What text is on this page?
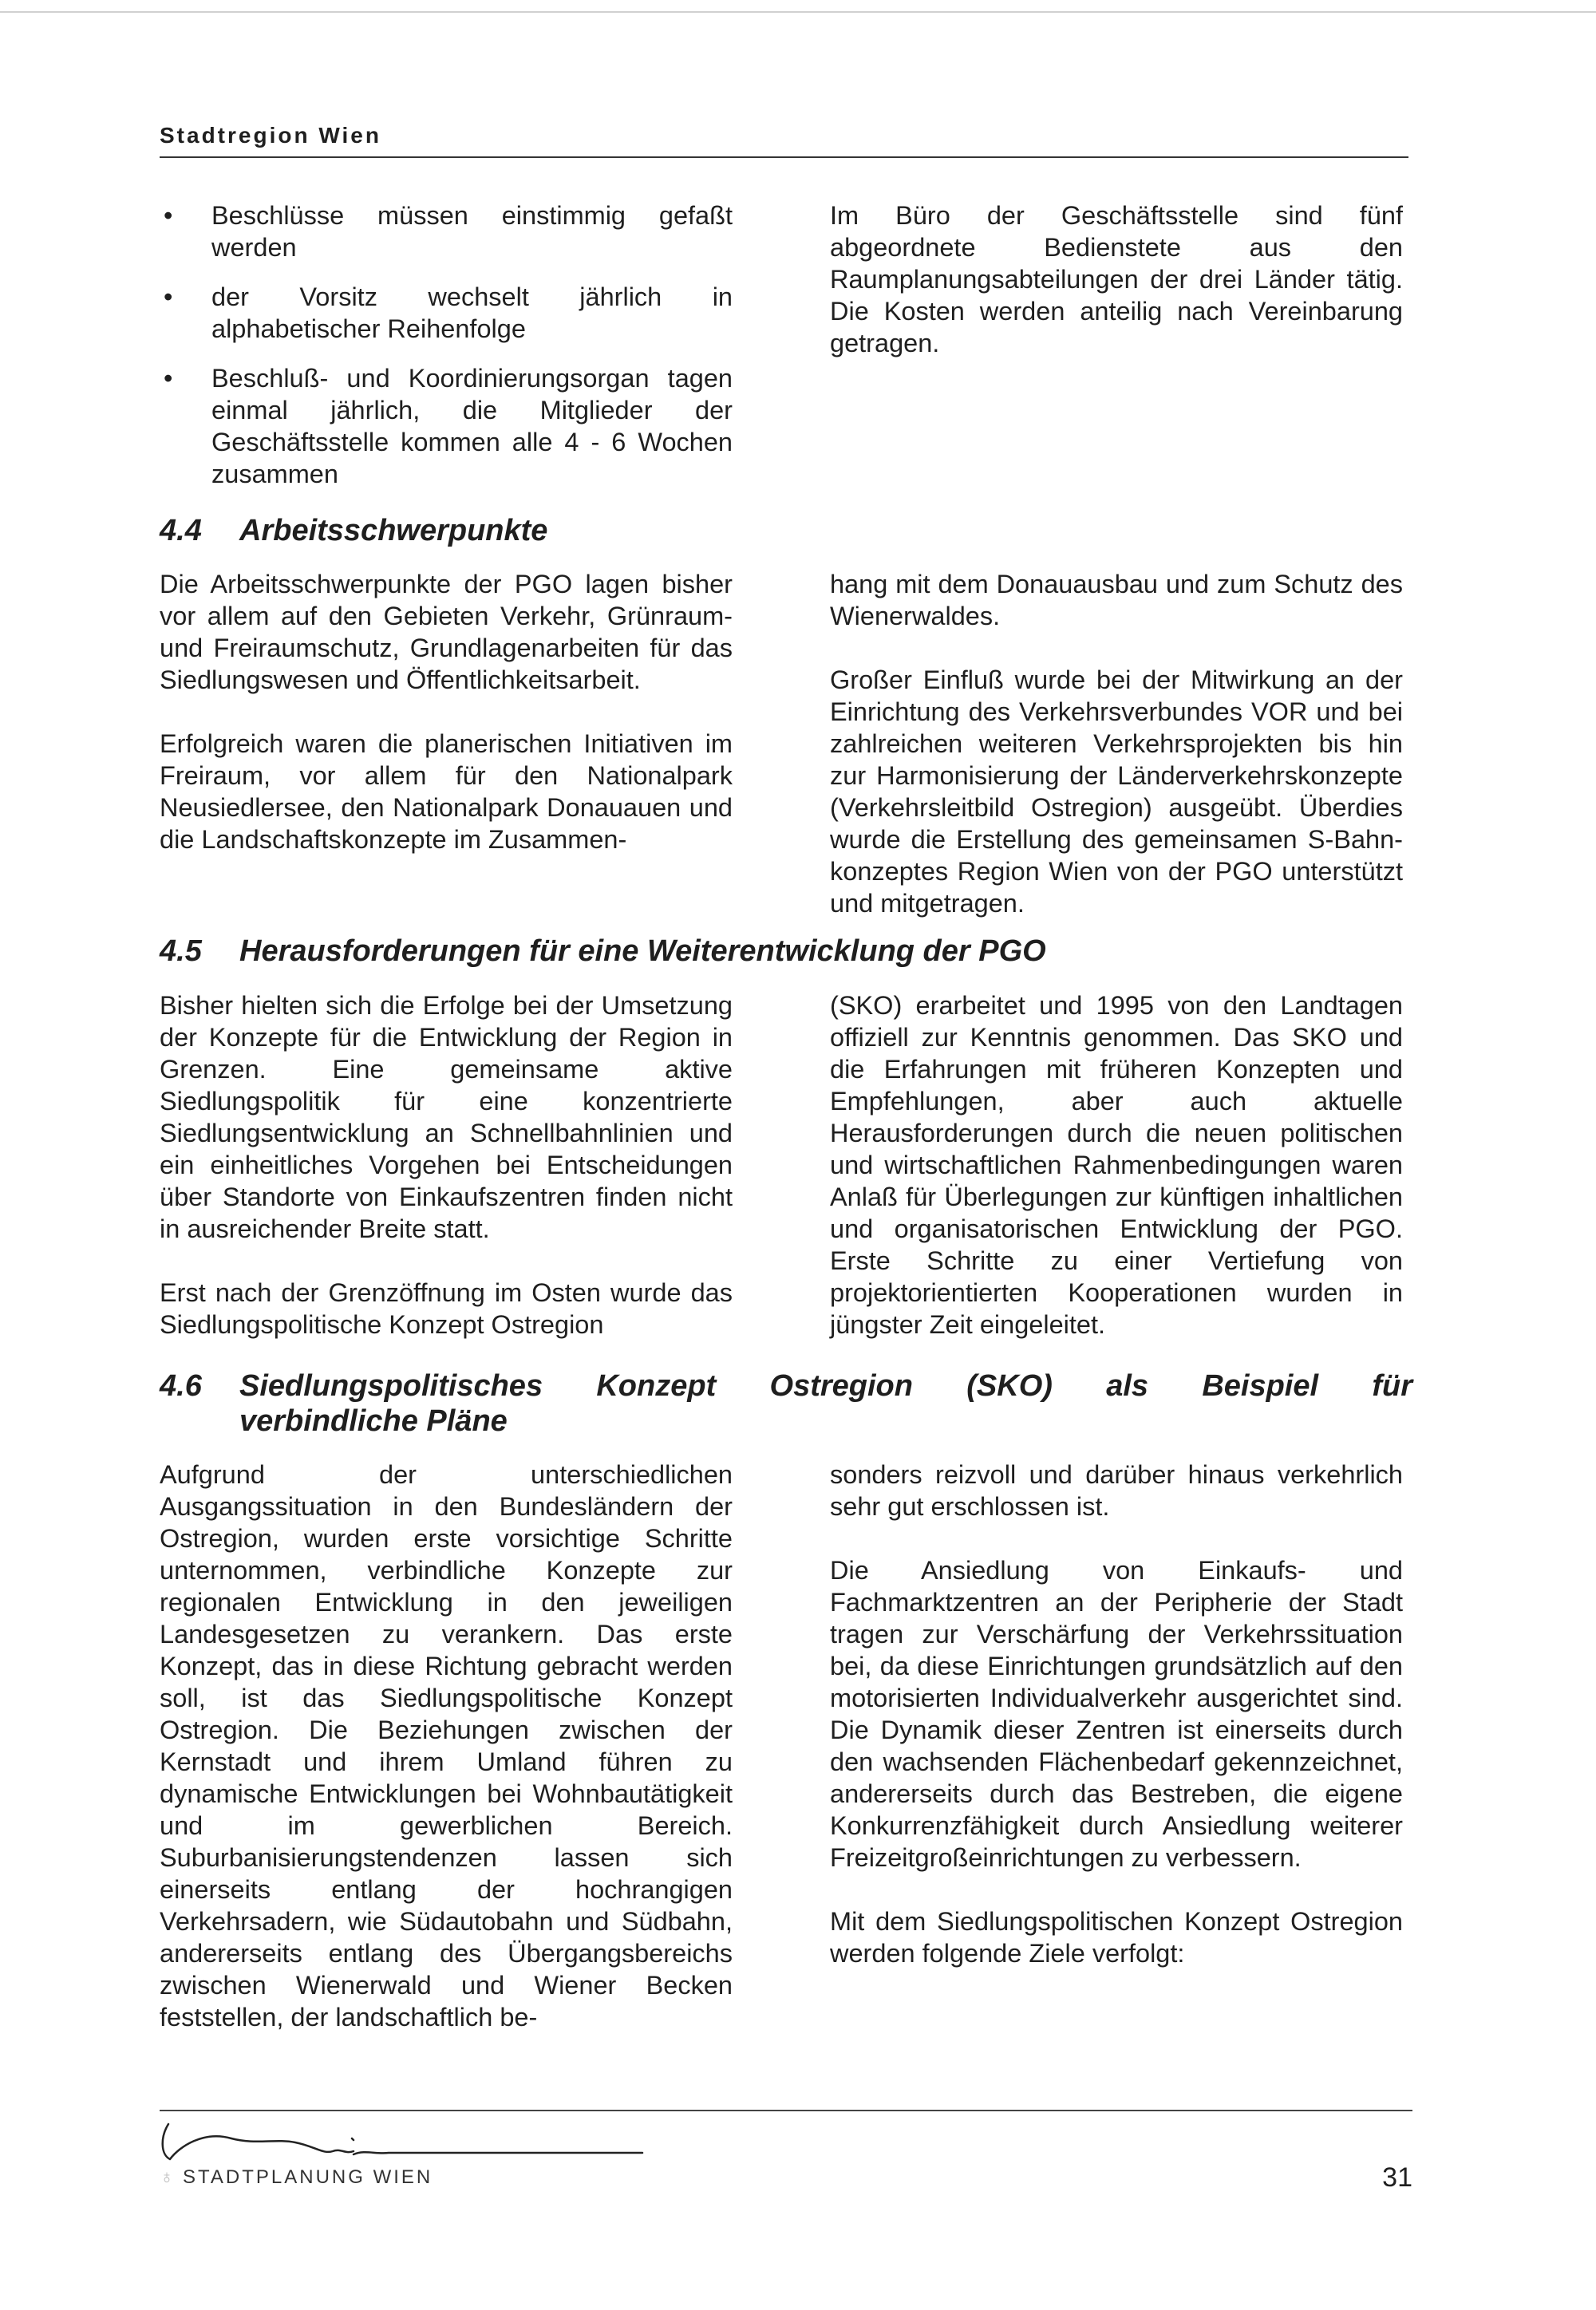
Stadtregion Wien
• Beschlüsse müssen einstimmig gefaßt werden
• der Vorsitz wechselt jährlich in alphabetischer Reihenfolge
• Beschluß- und Koordinierungsorgan tagen einmal jährlich, die Mitglieder der Geschäftsstelle kommen alle 4 - 6 Wochen zusammen

Im Büro der Geschäftsstelle sind fünf abgeordnete Bedienstete aus den Raumplanungsabteilungen der drei Länder tätig. Die Kosten werden anteilig nach Vereinbarung getragen.

4.4 Arbeitsschwerpunkte

Die Arbeitsschwerpunkte der PGO lagen bisher vor allem auf den Gebieten Verkehr, Grünraum- und Freiraumschutz, Grundlagenarbeiten für das Siedlungswesen und Öffentlichkeitsarbeit.

Erfolgreich waren die planerischen Initiativen im Freiraum, vor allem für den Nationalpark Neusiedlersee, den Nationalpark Donauauen und die Landschaftskonzepte im Zusammen-

hang mit dem Donauausbau und zum Schutz des Wienerwaldes.

Großer Einfluß wurde bei der Mitwirkung an der Einrichtung des Verkehrsverbundes VOR und bei zahlreichen weiteren Verkehrsprojekten bis hin zur Harmonisierung der Länderverkehrskonzepte (Verkehrsleitbild Ostregion) ausgeübt. Überdies wurde die Erstellung des gemeinsamen S-Bahn-konzeptes Region Wien von der PGO unterstützt und mitgetragen.

4.5 Herausforderungen für eine Weiterentwicklung der PGO

Bisher hielten sich die Erfolge bei der Umsetzung der Konzepte für die Entwicklung der Region in Grenzen. Eine gemeinsame aktive Siedlungspolitik für eine konzentrierte Siedlungsentwicklung an Schnellbahnlinien und ein einheitliches Vorgehen bei Entscheidungen über Standorte von Einkaufszentren finden nicht in ausreichender Breite statt.

Erst nach der Grenzöffnung im Osten wurde das Siedlungspolitische Konzept Ostregion

(SKO) erarbeitet und 1995 von den Landtagen offiziell zur Kenntnis genommen. Das SKO und die Erfahrungen mit früheren Konzepten und Empfehlungen, aber auch aktuelle Herausforderungen durch die neuen politischen und wirtschaftlichen Rahmenbedingungen waren Anlaß für Überlegungen zur künftigen inhaltlichen und organisatorischen Entwicklung der PGO. Erste Schritte zu einer Vertiefung von projektorientierten Kooperationen wurden in jüngster Zeit eingeleitet.

4.6	Siedlungspolitisches Konzept Ostregion (SKO) als Beispiel für
verbindliche Pläne

Aufgrund der unterschiedlichen Ausgangssituation in den Bundesländern der Ostregion, wurden erste vorsichtige Schritte unternommen, verbindliche Konzepte zur regionalen Entwicklung in den jeweiligen Landesgesetzen zu verankern. Das erste Konzept, das in diese Richtung gebracht werden soll, ist das Siedlungspolitische Konzept Ostregion. Die Beziehungen zwischen der Kernstadt und ihrem Umland führen zu dynamische Entwicklungen bei Wohnbautätigkeit und im gewerblichen Bereich. Suburbanisierungstendenzen lassen sich einerseits entlang der hochrangigen Verkehrsadern, wie Südautobahn und Südbahn, andererseits entlang des Übergangsbereichs zwischen Wienerwald und Wiener Becken feststellen, der landschaftlich be-

sonders reizvoll und darüber hinaus verkehrlich sehr gut erschlossen ist.

Die Ansiedlung von Einkaufs- und Fachmarktzentren an der Peripherie der Stadt tragen zur Verschärfung der Verkehrssituation bei, da diese Einrichtungen grundsätzlich auf den motorisierten Individualverkehr ausgerichtet sind. Die Dynamik dieser Zentren ist einerseits durch den wachsenden Flächenbedarf gekennzeichnet, andererseits durch das Bestreben, die eigene Konkurrenzfähigkeit durch Ansiedlung weiterer Freizeitgroßeinrichtungen zu verbessern.

Mit dem Siedlungspolitischen Konzept Ostregion werden folgende Ziele verfolgt:

♁ STADTPLANUNG WIEN	31
